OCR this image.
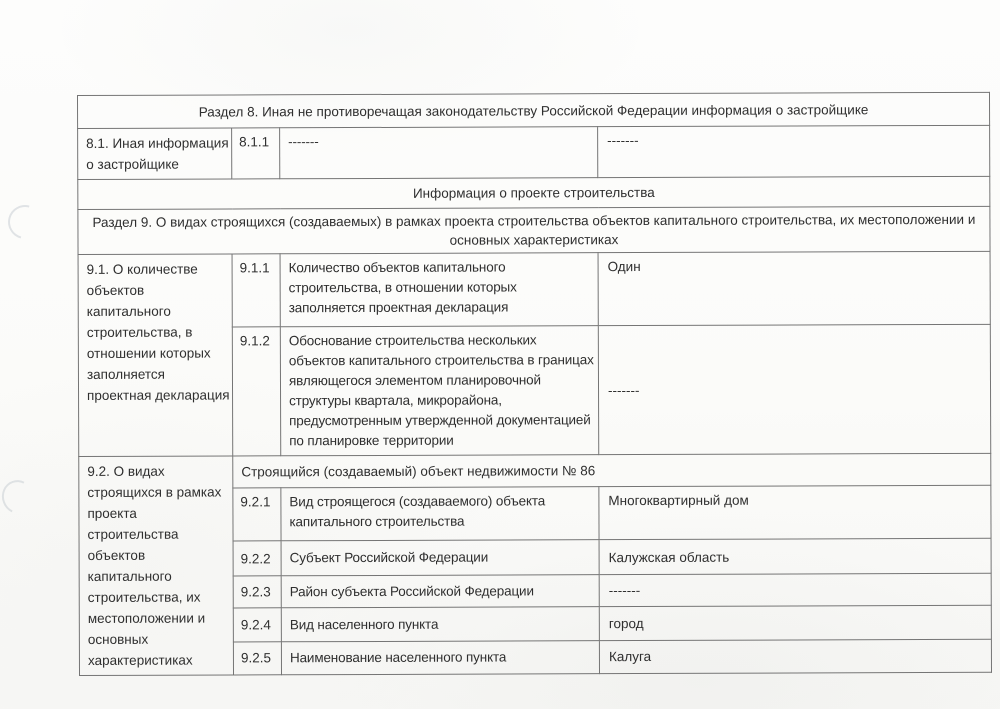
Раздел 8. Иная не противоречащая законодательству Российской Федерации информация о застройщике			
8.1. Иная информация о застройщике	8.1.1	-------	-------
Информация о проекте строительства			
Раздел 9. О видах строящихся (создаваемых) в рамках проекта строительства объектов капитального строительства, их местоположении и основных характеристиках			
9.1. О количестве объектов капитального строительства, в отношении которых заполняется проектная декларация	9.1.1	Количество объектов капитального строительства, в отношении которых заполняется проектная декларация	Один
	9.1.2	Обоснование строительства нескольких объектов капитального строительства в границах являющегося элементом планировочной структуры квартала, микрорайона, предусмотренным утвержденной документацией по планировке территории	-------
9.2. О видах строящихся в рамках проекта строительства объектов капитального строительства, их местоположении и основных характеристиках	Строящийся (создаваемый) объект недвижимости № 86		
	9.2.1	Вид строящегося (создаваемого) объекта капитального строительства	Многоквартирный дом
	9.2.2	Субъект Российской Федерации	Калужская область
	9.2.3	Район субъекта Российской Федерации	-------
	9.2.4	Вид населенного пункта	город
	9.2.5	Наименование населенного пункта	Калуга
